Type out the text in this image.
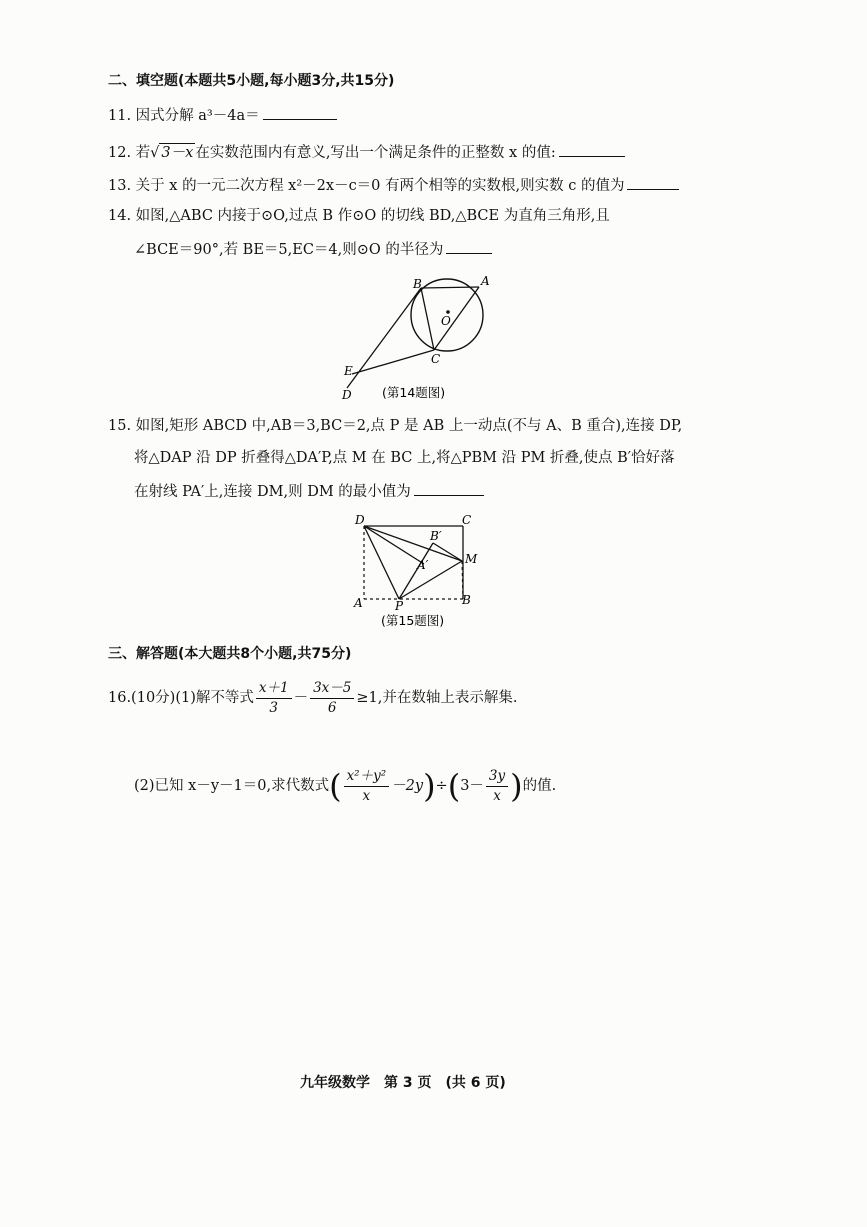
二、填空题(本题共5小题,每小题3分,共15分)
11. 因式分解 a³－4a＝
12. 若√ 3－x 在实数范围内有意义,写出一个满足条件的正整数 x 的值:
13. 关于 x 的一元二次方程 x²－2x－c＝0 有两个相等的实数根,则实数 c 的值为
14. 如图,△ABC 内接于⊙O,过点 B 作⊙O 的切线 BD,△BCE 为直角三角形,且
∠BCE＝90°,若 BE＝5,EC＝4,则⊙O 的半径为
B	A
O
C
E
D (第14题图)
15. 如图,矩形 ABCD 中,AB＝3,BC＝2,点 P 是 AB 上一动点(不与 A、B 重合),连接 DP,
将△DAP 沿 DP 折叠得△DA′P,点 M 在 BC 上,将△PBM 沿 PM 折叠,使点 B′恰好落
在射线 PA′上,连接 DM,则 DM 的最小值为
D	C
B′
M
A′
A	P	B
(第15题图)
三、解答题(本大题共8个小题,共75分)
16.(10分)(1)解不等式 $\frac{x+1}{3} - \frac{3x-5}{6} \ge 1$,并在数轴上表示解集.
(2)已知 x－y－1＝0,求代数式( $\frac{\text{x²＋y²}}{x} -2y)\div(3- \frac{3y}{x}$ )的值.
九年级数学　第 3 页　(共 6 页)
